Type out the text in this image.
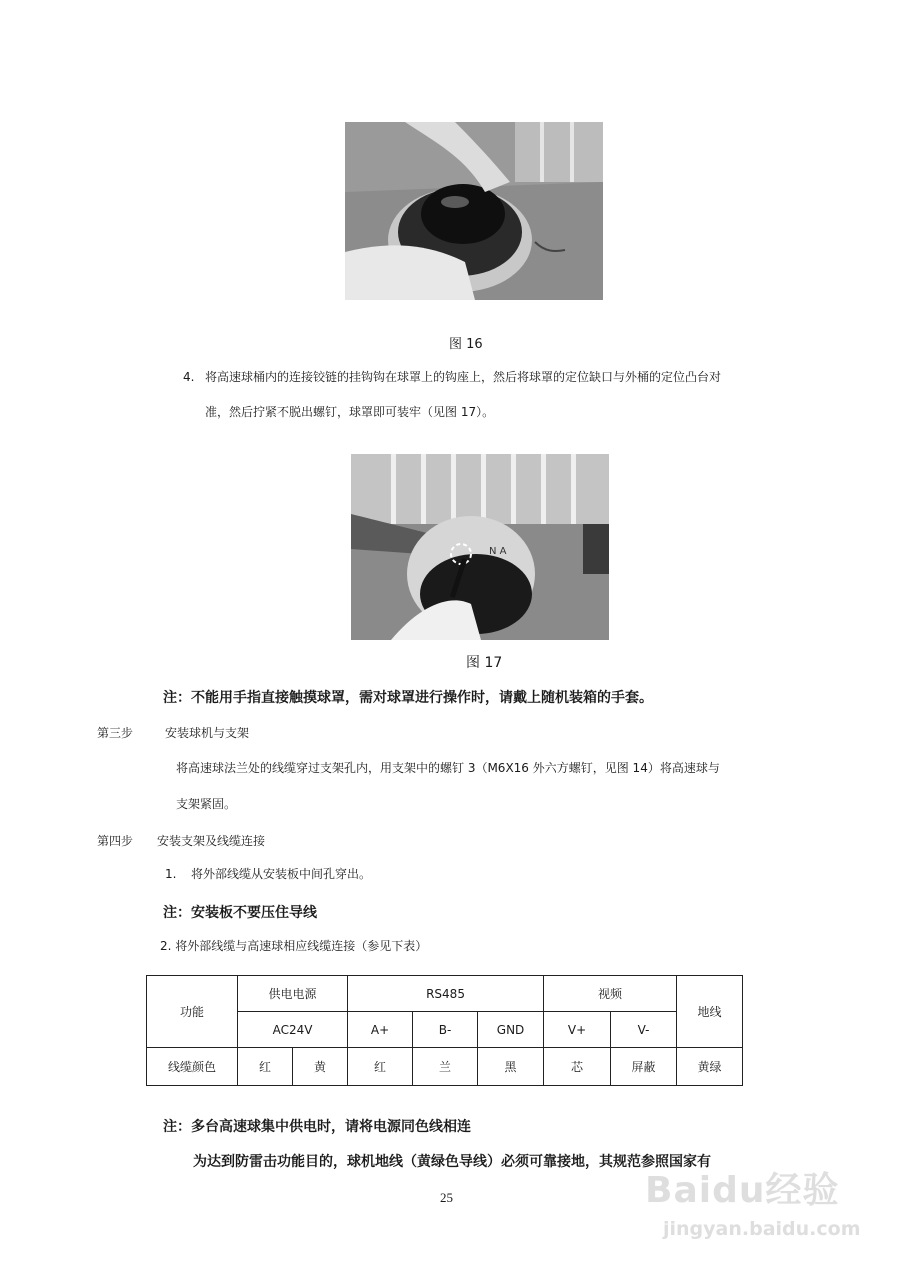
图 16
4. 将高速球桶内的连接铰链的挂钩钩在球罩上的钩座上，然后将球罩的定位缺口与外桶的定位凸台对
准，然后拧紧不脱出螺钉，球罩即可装牢（见图 17）。
N A
图 17
注：不能用手指直接触摸球罩，需对球罩进行操作时，请戴上随机装箱的手套。
第三步	安装球机与支架
将高速球法兰处的线缆穿过支架孔内，用支架中的螺钉 3（M6X16 外六方螺钉，见图 14）将高速球与
支架紧固。
第四步 安装支架及线缆连接
1. 将外部线缆从安装板中间孔穿出。
注：安装板不要压住导线
2. 将外部线缆与高速球相应线缆连接（参见下表）
功能	供电电源		RS485			视频		地线
	AC24V		A+	B-	GND	V+	V-	
线缆颜色	红	黄	红	兰	黑	芯	屏蔽	黄绿
注：多台高速球集中供电时，请将电源同色线相连
为达到防雷击功能目的，球机地线（黄绿色导线）必须可靠接地，其规范参照国家有
25	Baidu经验
jingyan.baidu.com
